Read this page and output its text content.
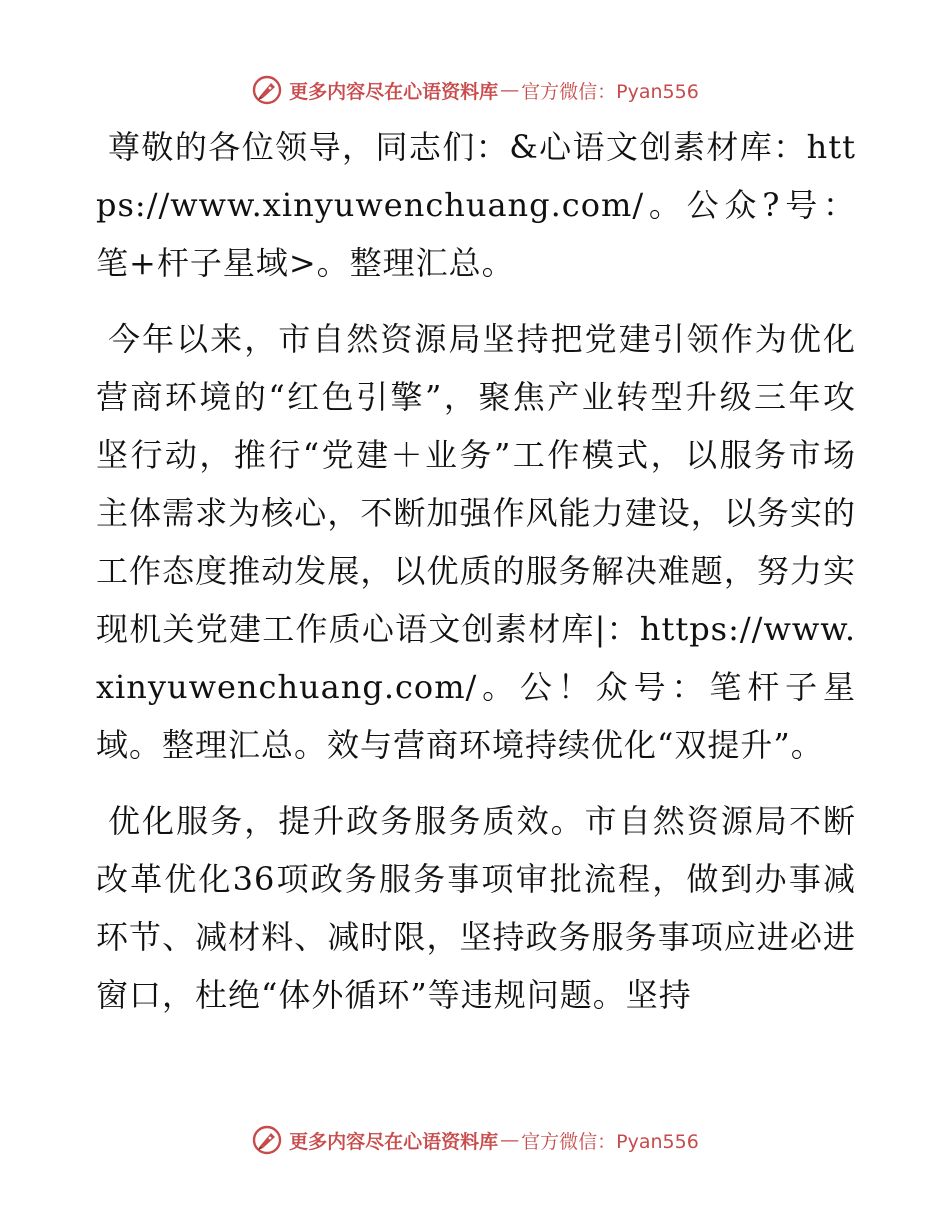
更多内容尽在心语资料库 — 官方微信：Pyan556

尊敬的各位领导，同志们：&心语文创素材库：https://www.xinyuwenchuang.com/。公众?号：笔+杆子星域>。整理汇总。

今年以来，市自然资源局坚持把党建引领作为优化营商环境的“红色引擎”，聚焦产业转型升级三年攻坚行动，推行“党建＋业务”工作模式，以服务市场主体需求为核心，不断加强作风能力建设，以务实的工作态度推动发展，以优质的服务解决难题，努力实现机关党建工作质心语文创素材库|：https://www.xinyuwenchuang.com/。公！众号：笔杆子星域。整理汇总。效与营商环境持续优化“双提升”。

优化服务，提升政务服务质效。市自然资源局不断改革优化36项政务服务事项审批流程，做到办事减环节、减材料、减时限，坚持政务服务事项应进必进窗口，杜绝“体外循环”等违规问题。坚持

更多内容尽在心语资料库 — 官方微信：Pyan556
